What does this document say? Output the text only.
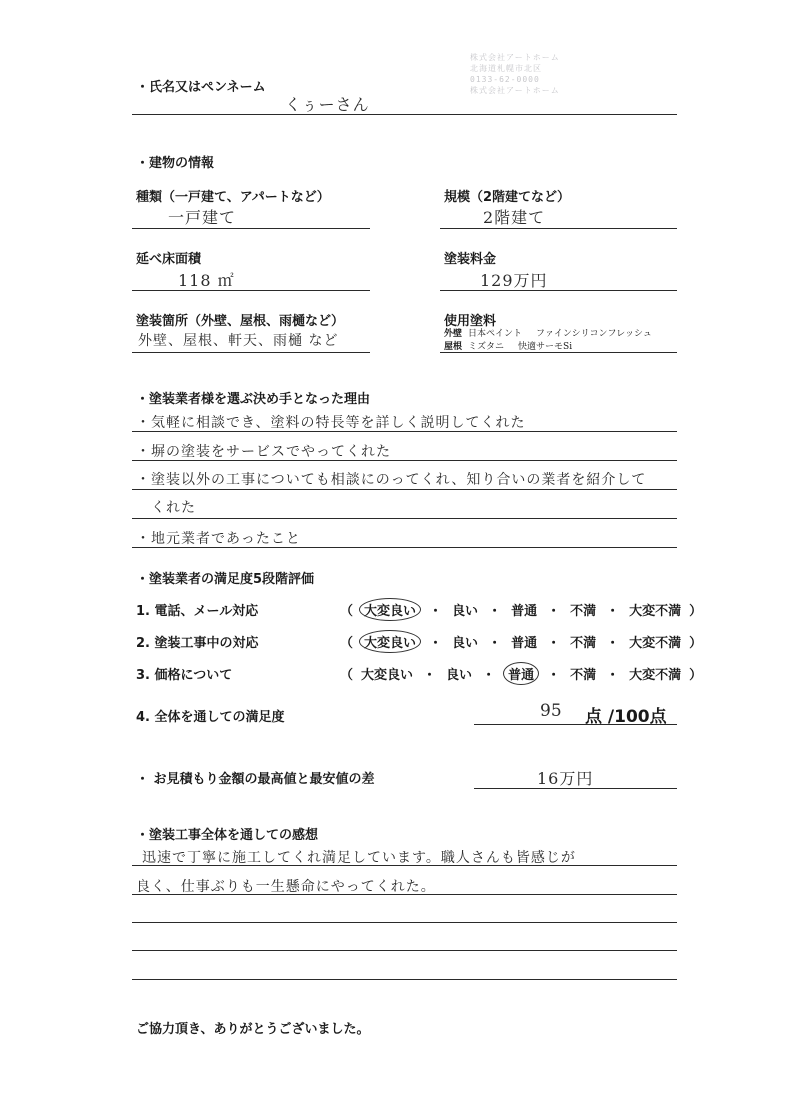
株式会社アートホーム
北海道札幌市北区
0133-62-0000
株式会社アートホーム
・氏名又はペンネーム
くぅーさん
・建物の情報
種類（一戸建て、アパートなど）
一戸建て
規模（2階建てなど）
2階建て
延べ床面積
118 ㎡
塗装料金
129万円
塗装箇所（外壁、屋根、雨樋など）
外壁、屋根、軒天、雨樋 など
使用塗料
外壁 日本ペイント ファインシリコンフレッシュ
屋根 ミズタニ 快適サーモSi
・塗装業者様を選ぶ決め手となった理由
・気軽に相談でき、塗料の特長等を詳しく説明してくれた
・塀の塗装をサービスでやってくれた
・塗装以外の工事についても相談にのってくれ、知り合いの業者を紹介して
　くれた
・地元業者であったこと
・塗装業者の満足度5段階評価
1. 電話、メール対応	（ 大変良い ・ 良い ・ 普通 ・ 不満 ・ 大変不満 ）
2. 塗装工事中の対応	（ 大変良い ・ 良い ・ 普通 ・ 不満 ・ 大変不満 ）
3. 価格について	（ 大変良い ・ 良い ・ 普通 ・ 不満 ・ 大変不満 ）
4. 全体を通しての満足度	95 点 /100点
・ お見積もり金額の最高値と最安値の差	16万円
・塗装工事全体を通しての感想
迅速で丁寧に施工してくれ満足しています。職人さんも皆感じが
良く、仕事ぶりも一生懸命にやってくれた。
ご協力頂き、ありがとうございました。
